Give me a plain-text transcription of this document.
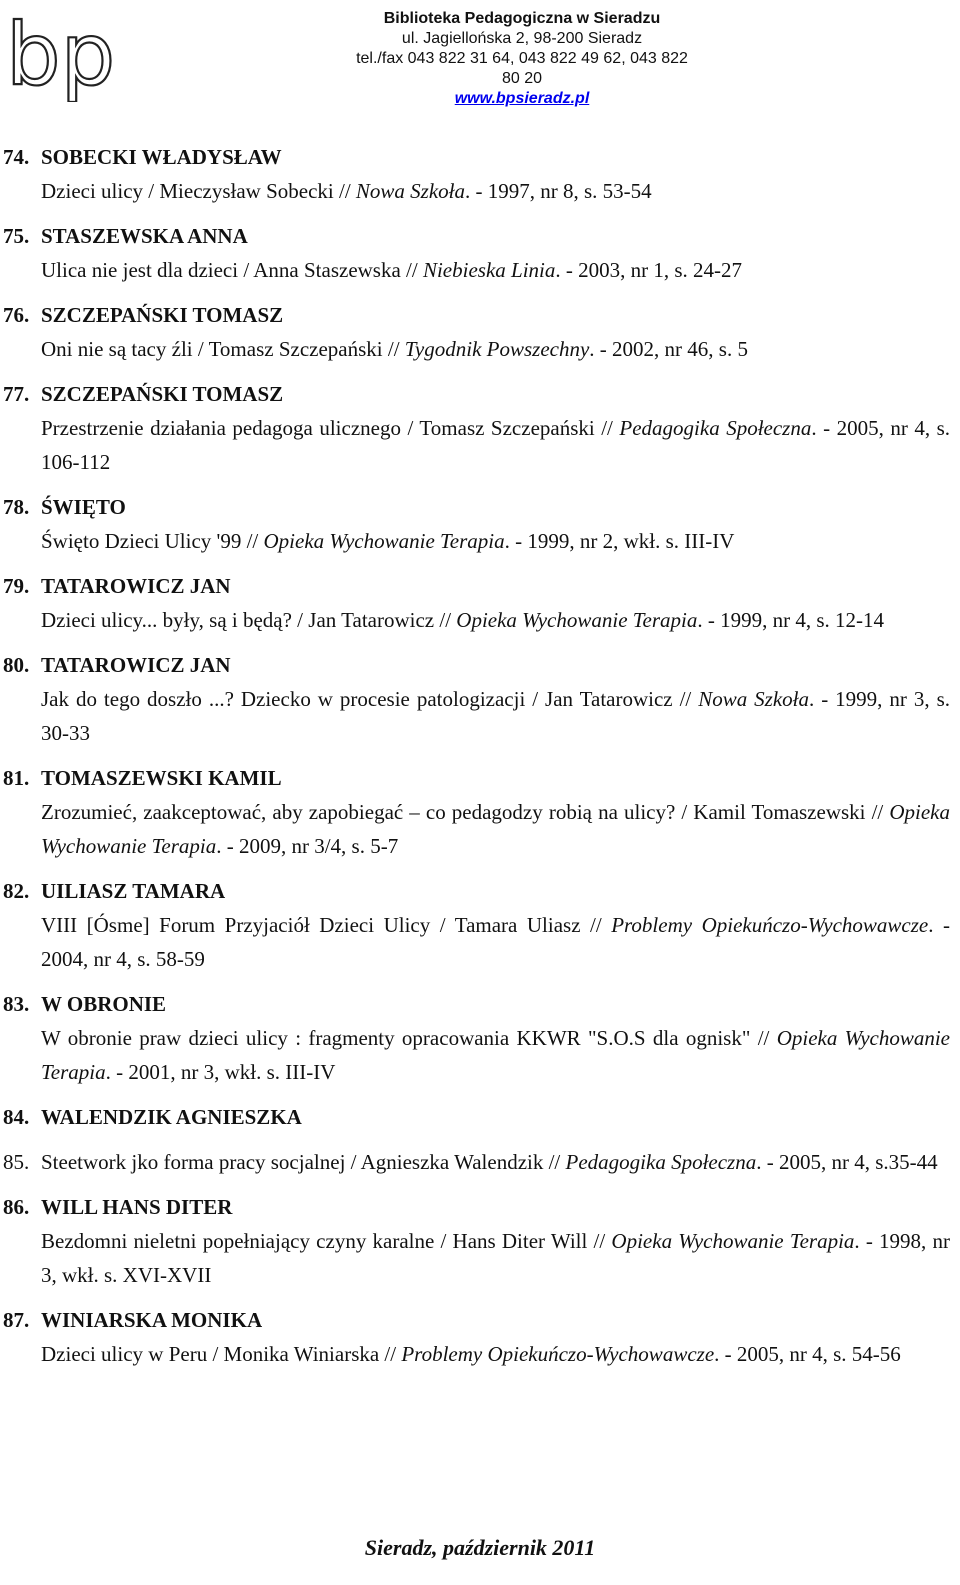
bp	Biblioteka Pedagogiczna w Sieradzu
ul. Jagiellońska 2, 98-200 Sieradz
tel./fax 043 822 31 64, 043 822 49 62, 043 822 80 20
www.bpsieradz.pl
74. SOBECKI WŁADYSŁAW
Dzieci ulicy / Mieczysław Sobecki // Nowa Szkoła. - 1997, nr 8, s. 53-54
75. STASZEWSKA ANNA
Ulica nie jest dla dzieci / Anna Staszewska // Niebieska Linia. - 2003, nr 1, s. 24-27
76. SZCZEPAŃSKI TOMASZ
Oni nie są tacy źli / Tomasz Szczepański // Tygodnik Powszechny. - 2002, nr 46, s. 5
77. SZCZEPAŃSKI TOMASZ
Przestrzenie działania pedagoga ulicznego / Tomasz Szczepański // Pedagogika Społeczna. - 2005, nr 4, s. 106-112
78. ŚWIĘTO
Święto Dzieci Ulicy '99 // Opieka Wychowanie Terapia. - 1999, nr 2, wkł. s. III-IV
79. TATAROWICZ JAN
Dzieci ulicy... były, są i będą? / Jan Tatarowicz // Opieka Wychowanie Terapia. - 1999, nr 4, s. 12-14
80. TATAROWICZ JAN
Jak do tego doszło ...? Dziecko w procesie patologizacji / Jan Tatarowicz // Nowa Szkoła. - 1999, nr 3, s. 30-33
81. TOMASZEWSKI KAMIL
Zrozumieć, zaakceptować, aby zapobiegać – co pedagodzy robią na ulicy? / Kamil Tomaszewski // Opieka Wychowanie Terapia. - 2009, nr 3/4, s. 5-7
82. UILIASZ TAMARA
VIII [Ósme] Forum Przyjaciół Dzieci Ulicy / Tamara Uliasz // Problemy Opiekuńczo-Wychowawcze. - 2004, nr 4, s. 58-59
83. W OBRONIE
W obronie praw dzieci ulicy : fragmenty opracowania KKWR "S.O.S dla ognisk" // Opieka Wychowanie Terapia. - 2001, nr 3, wkł. s. III-IV
84. WALENDZIK AGNIESZKA
85. Steetwork jko forma pracy socjalnej / Agnieszka Walendzik // Pedagogika Społeczna. - 2005, nr 4, s.35-44
86. WILL HANS DITER
Bezdomni nieletni popełniający czyny karalne / Hans Diter Will // Opieka Wychowanie Terapia. - 1998, nr 3, wkł. s. XVI-XVII
87. WINIARSKA MONIKA
Dzieci ulicy w Peru / Monika Winiarska // Problemy Opiekuńczo-Wychowawcze. - 2005, nr 4, s. 54-56
Sieradz, październik 2011
